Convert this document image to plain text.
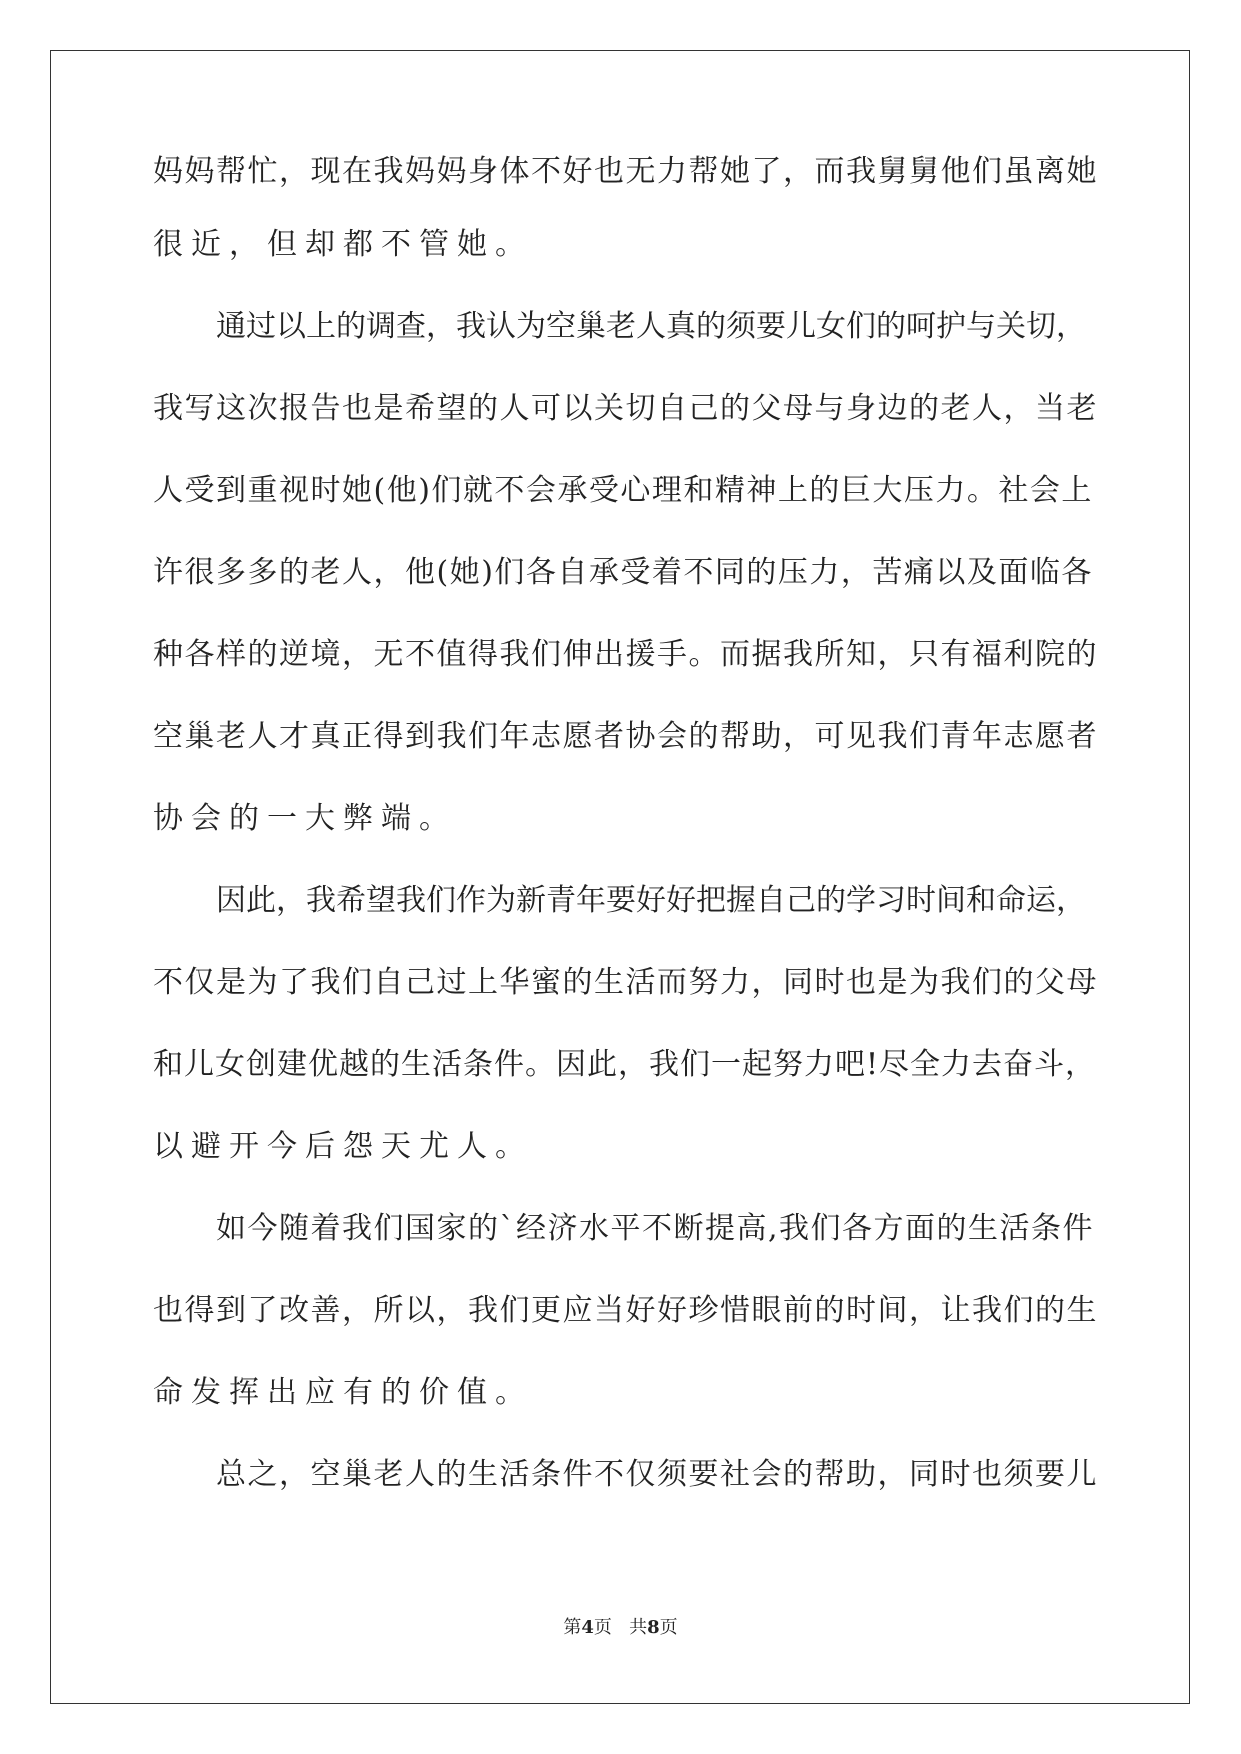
妈妈帮忙，现在我妈妈身体不好也无力帮她了，而我舅舅他们虽离她
很近，但却都不管她。
通过以上的调查，我认为空巢老人真的须要儿女们的呵护与关切，
我写这次报告也是希望的人可以关切自己的父母与身边的老人，当老
人受到重视时她(他)们就不会承受心理和精神上的巨大压力。社会上
许很多多的老人，他(她)们各自承受着不同的压力，苦痛以及面临各
种各样的逆境，无不值得我们伸出援手。而据我所知，只有福利院的
空巢老人才真正得到我们年志愿者协会的帮助，可见我们青年志愿者
协会的一大弊端。
因此，我希望我们作为新青年要好好把握自己的学习时间和命运，
不仅是为了我们自己过上华蜜的生活而努力，同时也是为我们的父母
和儿女创建优越的生活条件。因此，我们一起努力吧!尽全力去奋斗，
以避开今后怨天尤人。
如今随着我们国家的`经济水平不断提高,我们各方面的生活条件
也得到了改善，所以，我们更应当好好珍惜眼前的时间，让我们的生
命发挥出应有的价值。
总之，空巢老人的生活条件不仅须要社会的帮助，同时也须要儿
第4页 共8页
